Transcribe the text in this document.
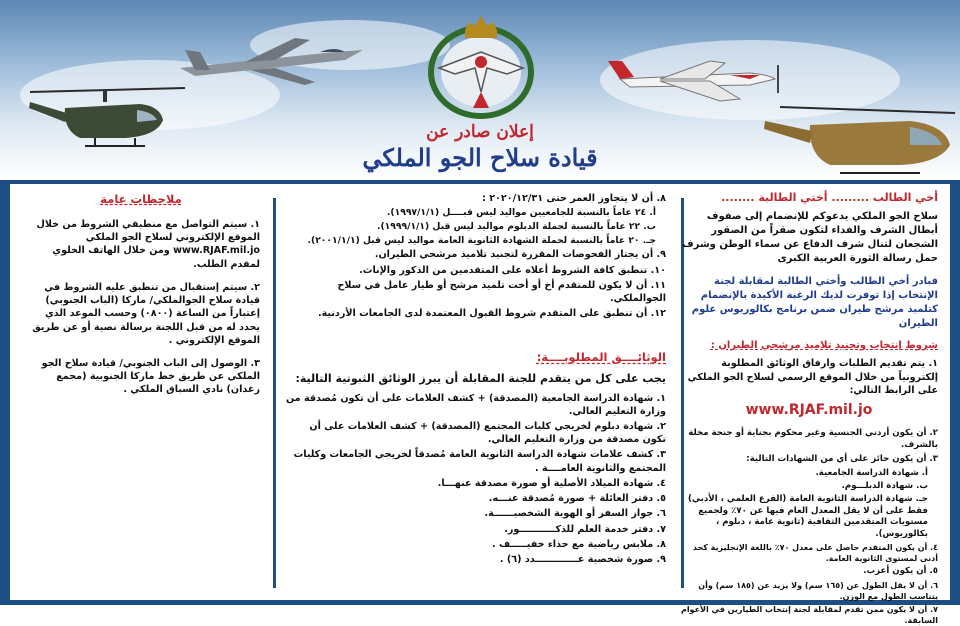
إعلان صادر عن
قيادة سلاح الجو الملكي
أخي الطالب ......... أختي الطالبة ........
سلاح الجو الملكي يدعوكم للإنضمام إلى صفوف أبطال الشرف والفداء لتكون صقراً من الصقور الشجعان لتنال شرف الدفاع عن سماء الوطن وشرف حمل رسالة الثورة العربية الكبرى
فبادر أخي الطالب وأختي الطالبة لمقابلة لجنة الإنتخاب إذا توفرت لديك الرغبة الأكيدة بالإنضمام كتلميذ مرشح طيران ضمن برنامج بكالوريوس علوم الطيران
شروط إنتخاب وتجنيد تلاميذ مرشحي الطيران :
١. يتم تقديم الطلبات وارفاق الوثائق المطلوبة إلكترونياً من خلال الموقع الرسمي لسلاح الجو الملكي على الرابط التالي:
www.RJAF.mil.jo
٢. أن يكون أردني الجنسية وغير محكوم بجناية أو جنحة مخلة بالشرف.
٣. أن يكون حائز على أي من الشهادات التالية:
أ. شهادة الدراسة الجامعية.
ب. شهادة الدبلـــوم.
جـ. شهادة الدراسة الثانوية العامة (الفرع العلمي ، الأدبي) فقط على أن لا يقل المعدل العام فيها عن ٧٠٪ ولجميع مستويات المتقدمين الثقافية (ثانوية عامة ، دبلوم ، بكالوريوس).
٤. أن يكون المتقدم حاصل على معدل ٧٠٪ باللغة الإنجليزية كحد أدنى لمستوى الثانوية العامة.
٥. أن يكون أعزب.
٦. أن لا يقل الطول عن (١٦٥ سم) ولا يزيد عن (١٨٥ سم) وأن يتناسب الطول مع الوزن.
٧. أن لا يكون ممن تقدم لمقابلة لجنة إنتخاب الطيارين في الأعوام السابقة.
٨. أن لا يتجاوز العمر حتى ٢٠٢٠/١٢/٣١ :
أ. ٢٤ عاماً بالنسبة للجامعيين مواليد ليس قبــــل (١٩٩٧/١/١).
ب. ٢٢ عاماً بالنسبة لحملة الدبلوم مواليد ليس قبل (١٩٩٩/١/١).
جـ. ٢٠ عاماً بالنسبة لحملة الشهادة الثانوية العامة مواليد ليس قبل (٢٠٠١/١/١).
٩. أن يجتاز الفحوصات المقررة لتجنيد تلاميذ مرشحي الطيران.
١٠. تنطبق كافة الشروط أعلاه على المتقدمين من الذكور والإناث.
١١. أن لا يكون للمتقدم أخ أو أخت تلميذ مرشح أو طيار عامل في سلاح الجوالملكي.
١٢. أن تنطبق على المتقدم شروط القبول المعتمدة لدى الجامعات الأردنية.
الوثائــــق المطلوبــــة:
يجب على كل من يتقدم للجنة المقابلة أن يبرز الوثائق الثبوتية التالية:
١. شهادة الدراسة الجامعية (المصدقة) + كشف العلامات على أن تكون مُصدقة من وزارة التعليم العالي.
٢. شهادة دبلوم لخريجي كليات المجتمع (المصدقة) + كشف العلامات على أن تكون مصدقة من وزارة التعليم العالي.
٣. كشف علامات شهادة الدراسة الثانوية العامة مُصدقاً لخريجي الجامعات وكليات المجتمع والثانوية العامــــة .
٤. شهادة الميلاد الأصلية أو صورة مصدقة عنهـــا.
٥. دفتر العائلة + صورة مُصدقة عنـــه.
٦. جواز السفر أو الهوية الشخصيــــــة.
٧. دفتر خدمة العلم للذكـــــــــــور.
٨. ملابس رياضية مع حذاء خفيـــــف .
٩. صورة شخصية عـــــــــــــدد (٦) .
ملاحظات عامة
١. سيتم التواصل مع منطبقي الشروط من خلال الموقع الإلكتروني لسلاح الجو الملكي www.RJAF.mil.jo ومن خلال الهاتف الخلوي لمقدم الطلب.
٢. سيتم إستقبال من تنطبق عليه الشروط في قيادة سلاح الجوالملكي/ ماركا (الباب الجنوبي) إعتباراً من الساعة (٠٨٠٠) وحسب الموعد الذي يحدد له من قبل اللجنة برسالة نصية أو عن طريق الموقع الإلكتروني .
٣. الوصول إلى الباب الجنوبي/ قيادة سلاح الجو الملكي عن طريق خط ماركا الجنوبية (مجمع رغدان) نادي السباق الملكي .
